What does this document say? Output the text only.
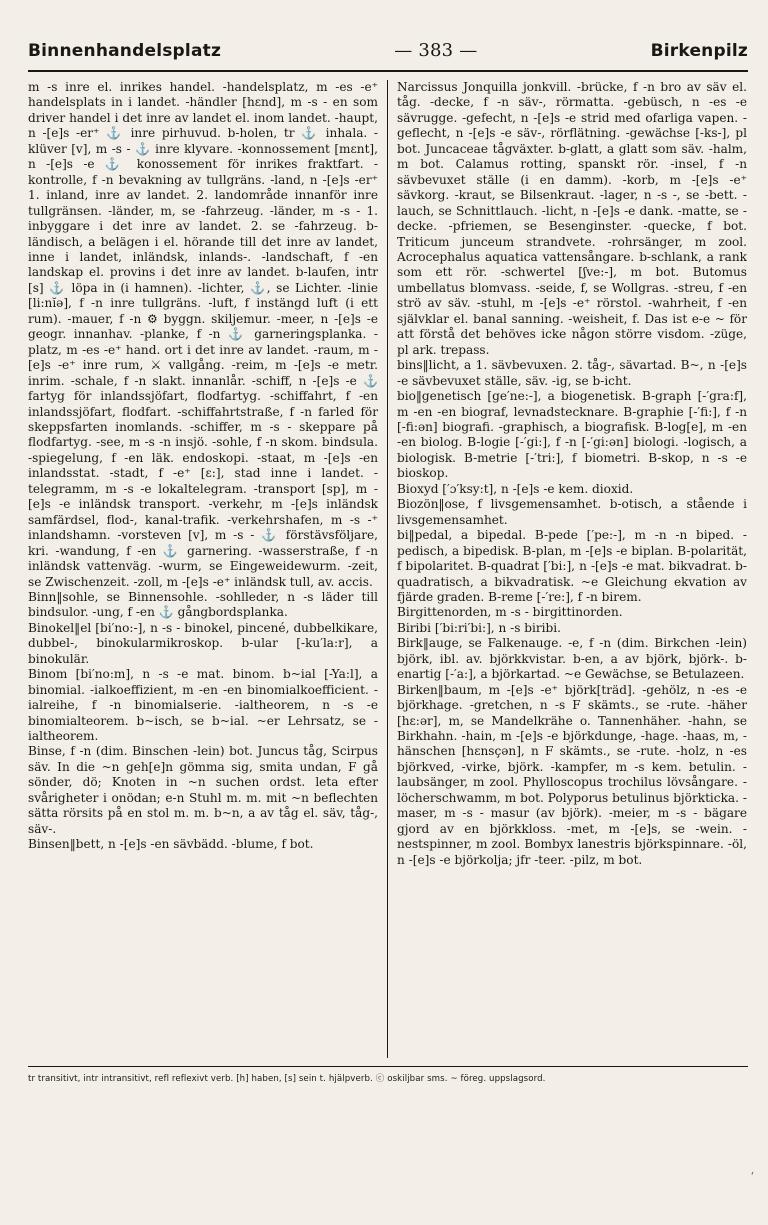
Binnenhandelsplatz	— 383 —	Birkenpilz

m -s inre el. inrikes handel. -handelsplatz, m -es -e⁺ handelsplats in i landet. -händler [hɛnd], m -s - en som driver handel i det inre av landet el. inom landet. -haupt, n -[e]s -er⁺ ⚓ inre pirhuvud. b-holen, tr ⚓ inhala. -klüver [v], m -s - ⚓ inre klyvare. -konnossement [mɛnt], n -[e]s -e ⚓ konossement för inrikes fraktfart. -kontrolle, f -n bevakning av tullgräns. -land, n -[e]s -er⁺ 1. inland, inre av landet. 2. landområde innanför inre tullgränsen. -länder, m, se -fahrzeug. -länder, m -s - 1. inbyggare i det inre av landet. 2. se -fahrzeug. b-ländisch, a belägen i el. hörande till det inre av landet, inne i landet, inländsk, inlands-. -landschaft, f -en landskap el. provins i det inre av landet. b-laufen, intr [s] ⚓ löpa in (i hamnen). -lichter, ⚓, se Lichter. -linie [li:nĭə], f -n inre tullgräns. -luft, f instängd luft (i ett rum). -mauer, f -n ⚙ byggn. skiljemur. -meer, n -[e]s -e geogr. innanhav. -planke, f -n ⚓ garneringsplanka. -platz, m -es -e⁺ hand. ort i det inre av landet. -raum, m -[e]s -e⁺ inre rum, ⚔ vallgång. -reim, m -[e]s -e metr. inrim. -schale, f -n slakt. innanlår. -schiff, n -[e]s -e ⚓ fartyg för inlandssjöfart, flodfartyg. -schiffahrt, f -en inlandssjöfart, flodfart. -schiffahrtstraße, f -n farled för skeppsfarten inomlands. -schiffer, m -s - skeppare på flodfartyg. -see, m -s -n insjö. -sohle, f -n skom. bindsula. -spiegelung, f -en läk. endoskopi. -staat, m -[e]s -en inlandsstat. -stadt, f -e⁺ [ɛ:], stad inne i landet. -telegramm, m -s -e lokaltelegram. -transport [sp], m -[e]s -e inländsk transport. -verkehr, m -[e]s inländsk samfärdsel, flod-, kanal-trafik. -verkehrshafen, m -s -⁺ inlandshamn. -vorsteven [v], m -s - ⚓ förstävsföljare, kri. -wandung, f -en ⚓ garnering. -wasserstraße, f -n inländsk vattenväg. -wurm, se Eingeweidewurm. -zeit, se Zwischenzeit. -zoll, m -[e]s -e⁺ inländsk tull, av. accis.

Binn‖sohle, se Binnensohle. -sohlleder, n -s läder till bindsulor. -ung, f -en ⚓ gångbordsplanka.

Binokel‖el [bi′no:-], n -s - binokel, pincené, dubbelkikare, dubbel-, binokularmikroskop. b-ular [-ku′la:r], a binokulär.

Binom [bi′no:m], n -s -e mat. binom. b~ial [-Ya:l], a binomial. -ialkoeffizient, m -en -en binomialkoefficient. -ialreihe, f -n binomialserie. -ialtheorem, n -s -e binomialteorem. b~isch, se b~ial. ~er Lehrsatz, se -ialtheorem.

Binse, f -n (dim. Binschen -lein) bot. Juncus tåg, Scirpus säv. In die ~n geh[e]n gömma sig, smita undan, F gå sönder, dö; Knoten in ~n suchen ordst. leta efter svårigheter i onödan; e-n Stuhl m. m. mit ~n beflechten sätta rörsits på en stol m. m. b~n, a av tåg el. säv, tåg-, säv-.

Binsen‖bett, n -[e]s -en sävbädd. -blume, f bot.

Narcissus Jonquilla jonkvill. -brücke, f -n bro av säv el. tåg. -decke, f -n säv-, rörmatta. -gebüsch, n -es -e sävrugge. -gefecht, n -[e]s -e strid med ofarliga vapen. -geflecht, n -[e]s -e säv-, rörflätning. -gewächse [-ks-], pl bot. Juncaceae tågväxter. b-glatt, a glatt som säv. -halm, m bot. Calamus rotting, spanskt rör. -insel, f -n sävbevuxet ställe (i en damm). -korb, m -[e]s -e⁺ sävkorg. -kraut, se Bilsenkraut. -lager, n -s -, se -bett. -lauch, se Schnittlauch. -licht, n -[e]s -e dank. -matte, se -decke. -pfriemen, se Besenginster. -quecke, f bot. Triticum junceum strandvete. -rohrsänger, m zool. Acrocephalus aquatica vattensångare. b-schlank, a rank som ett rör. -schwertel [ʃve:-], m bot. Butomus umbellatus blomvass. -seide, f, se Wollgras. -streu, f -en strö av säv. -stuhl, m -[e]s -e⁺ rörstol. -wahrheit, f -en självklar el. banal sanning. -weisheit, f. Das ist e-e ~ för att förstå det behöves icke någon större visdom. -züge, pl ark. trepass.

bins‖licht, a 1. sävbevuxen. 2. tåg-, sävartad. B~, n -[e]s -e sävbevuxet ställe, säv. -ig, se b-icht.

bio‖genetisch [ge′ne:-], a biogenetisk. B-graph [-′gra:f], m -en -en biograf, levnadstecknare. B-graphie [-′fi:], f -n [-fi:ən] biografi. -graphisch, a biografisk. B-log[e], m -en -en biolog. B-logie [-′gi:], f -n [-′gi:ən] biologi. -logisch, a biologisk. B-metrie [-′tri:], f biometri. B-skop, n -s -e bioskop.

Bioxyd [′ɔ′ksy:t], n -[e]s -e kem. dioxid.

Biozön‖ose, f livsgemensamhet. b-otisch, a stående i livsgemensamhet.

bi‖pedal, a bipedal. B-pede [′pe:-], m -n -n biped. -pedisch, a bipedisk. B-plan, m -[e]s -e biplan. B-polarität, f bipolaritet. B-quadrat [′bi:], n -[e]s -e mat. bikvadrat. b-quadratisch, a bikvadratisk. ~e Gleichung ekvation av fjärde graden. B-reme [-′re:], f -n birem.

Birgittenorden, m -s - birgittinorden.

Biribi [′bi:ri′bi:], n -s biribi.

Birk‖auge, se Falkenauge. -e, f -n (dim. Birkchen -lein) björk, ibl. av. björkkvistar. b-en, a av björk, björk-. b-enartig [-′a:], a björkartad. ~e Gewächse, se Betulazeen.

Birken‖baum, m -[e]s -e⁺ björk[träd]. -gehölz, n -es -e björkhage. -gretchen, n -s F skämts., se -rute. -häher [hɛ:ər], m, se Mandelkrähe o. Tannenhäher. -hahn, se Birkhahn. -hain, m -[e]s -e björkdunge, -hage. -haas, m, -hänschen [hɛnsçən], n F skämts., se -rute. -holz, n -es björkved, -virke, björk. -kampfer, m -s kem. betulin. -laubsänger, m zool. Phylloscopus trochilus lövsångare. -löcherschwamm, m bot. Polyporus betulinus björkticka. -maser, m -s - masur (av björk). -meier, m -s - bägare gjord av en björkkloss. -met, m -[e]s, se -wein. -nestspinner, m zool. Bombyx lanestris björkspinnare. -öl, n -[e]s -e björkolja; jfr -teer. -pilz, m bot.

tr transitivt, intr intransitivt, refl reflexivt verb. [h] haben, [s] sein t. hjälpverb. ⓒ oskiljbar sms. ~ föreg. uppslagsord.
‘
